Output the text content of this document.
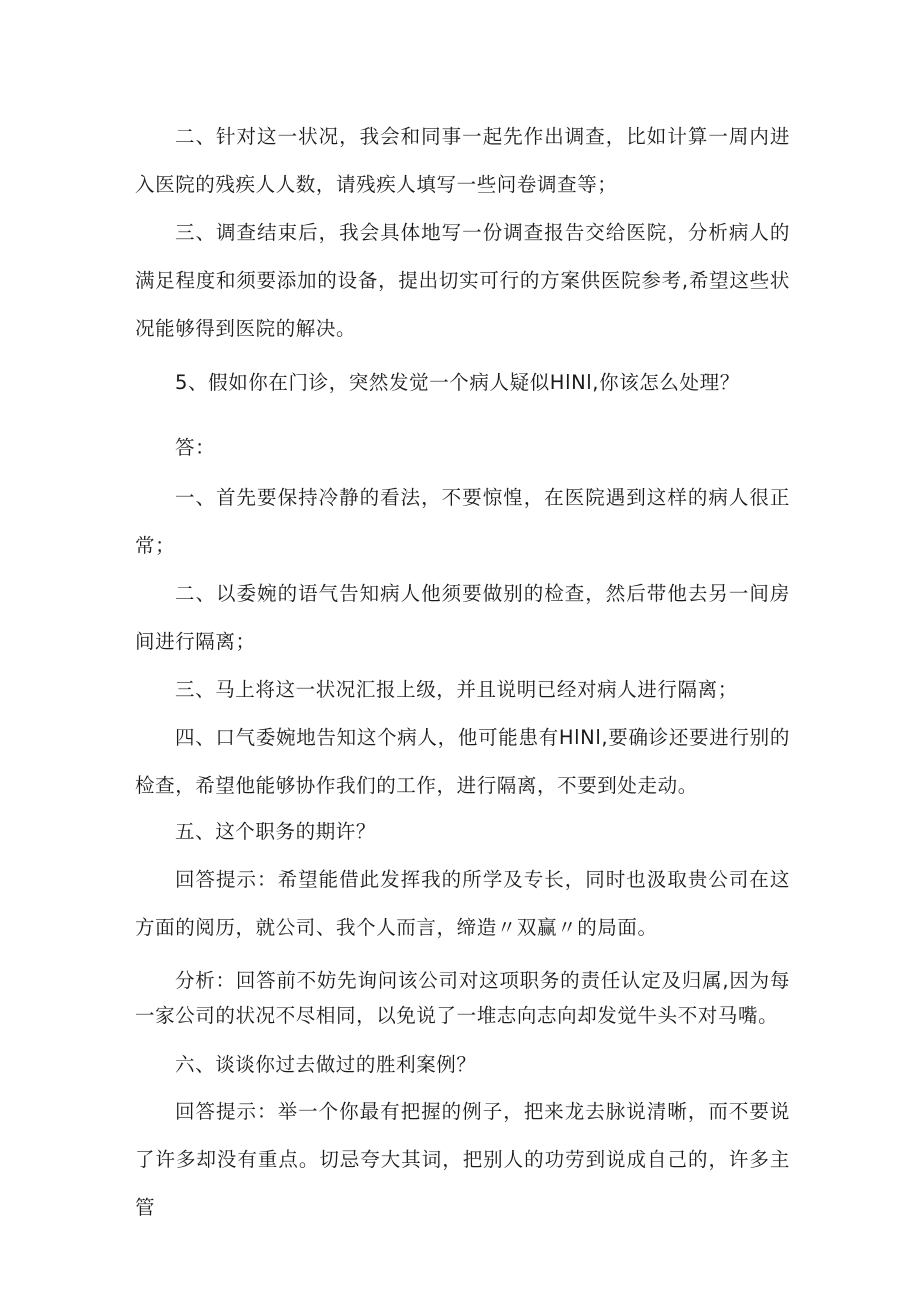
二、针对这一状况，我会和同事一起先作出调查，比如计算一周内进入医院的残疾人人数，请残疾人填写一些问卷调查等；

三、调查结束后，我会具体地写一份调查报告交给医院，分析病人的满足程度和须要添加的设备，提出切实可行的方案供医院参考,希望这些状况能够得到医院的解决。

5、假如你在门诊，突然发觉一个病人疑似HlNl,你该怎么处理？

答：

一、首先要保持冷静的看法，不要惊惶，在医院遇到这样的病人很正常；

二、以委婉的语气告知病人他须要做别的检查，然后带他去另一间房间进行隔离；

三、马上将这一状况汇报上级，并且说明已经对病人进行隔离；

四、口气委婉地告知这个病人，他可能患有HlNl,要确诊还要进行别的检查，希望他能够协作我们的工作，进行隔离，不要到处走动。

五、这个职务的期许？

回答提示：希望能借此发挥我的所学及专长，同时也汲取贵公司在这方面的阅历，就公司、我个人而言，缔造〃双赢〃的局面。

分析：回答前不妨先询问该公司对这项职务的责任认定及归属,因为每一家公司的状况不尽相同，以免说了一堆志向志向却发觉牛头不对马嘴。

六、谈谈你过去做过的胜利案例？

回答提示：举一个你最有把握的例子，把来龙去脉说清晰，而不要说了许多却没有重点。切忌夸大其词，把别人的功劳到说成自己的，许多主管
